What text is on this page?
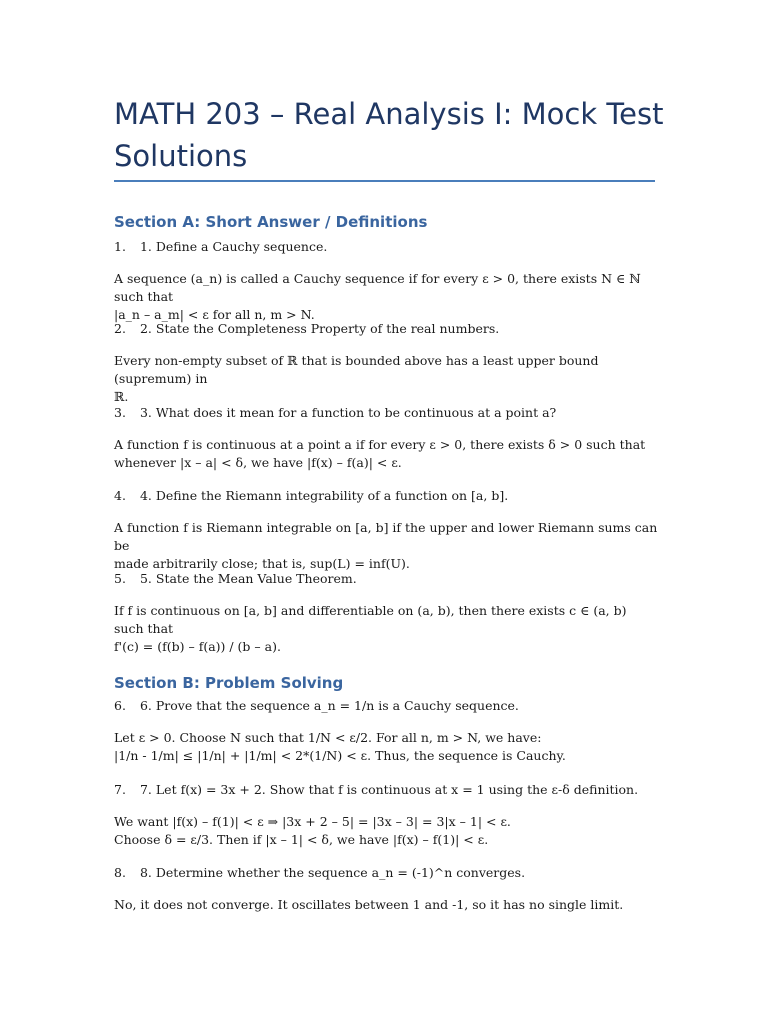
MATH 203 – Real Analysis I: Mock Test Solutions
Section A: Short Answer / Definitions
1. 1. Define a Cauchy sequence.
A sequence (a_n) is called a Cauchy sequence if for every ε > 0, there exists N ∈ ℕ such that
|a_n – a_m| < ε for all n, m > N.
2. 2. State the Completeness Property of the real numbers.
Every non-empty subset of ℝ that is bounded above has a least upper bound (supremum) in
ℝ.
3. 3. What does it mean for a function to be continuous at a point a?
A function f is continuous at a point a if for every ε > 0, there exists δ > 0 such that
whenever |x – a| < δ, we have |f(x) – f(a)| < ε.
4. 4. Define the Riemann integrability of a function on [a, b].
A function f is Riemann integrable on [a, b] if the upper and lower Riemann sums can be
made arbitrarily close; that is, sup(L) = inf(U).
5. 5. State the Mean Value Theorem.
If f is continuous on [a, b] and differentiable on (a, b), then there exists c ∈ (a, b) such that
f'(c) = (f(b) – f(a)) / (b – a).
Section B: Problem Solving
6. 6. Prove that the sequence a_n = 1/n is a Cauchy sequence.
Let ε > 0. Choose N such that 1/N < ε/2. For all n, m > N, we have:
|1/n - 1/m| ≤ |1/n| + |1/m| < 2*(1/N) < ε. Thus, the sequence is Cauchy.
7. 7. Let f(x) = 3x + 2. Show that f is continuous at x = 1 using the ε-δ definition.
We want |f(x) – f(1)| < ε ⇒ |3x + 2 – 5| = |3x – 3| = 3|x – 1| < ε.
Choose δ = ε/3. Then if |x – 1| < δ, we have |f(x) – f(1)| < ε.
8. 8. Determine whether the sequence a_n = (-1)^n converges.
No, it does not converge. It oscillates between 1 and -1, so it has no single limit.
